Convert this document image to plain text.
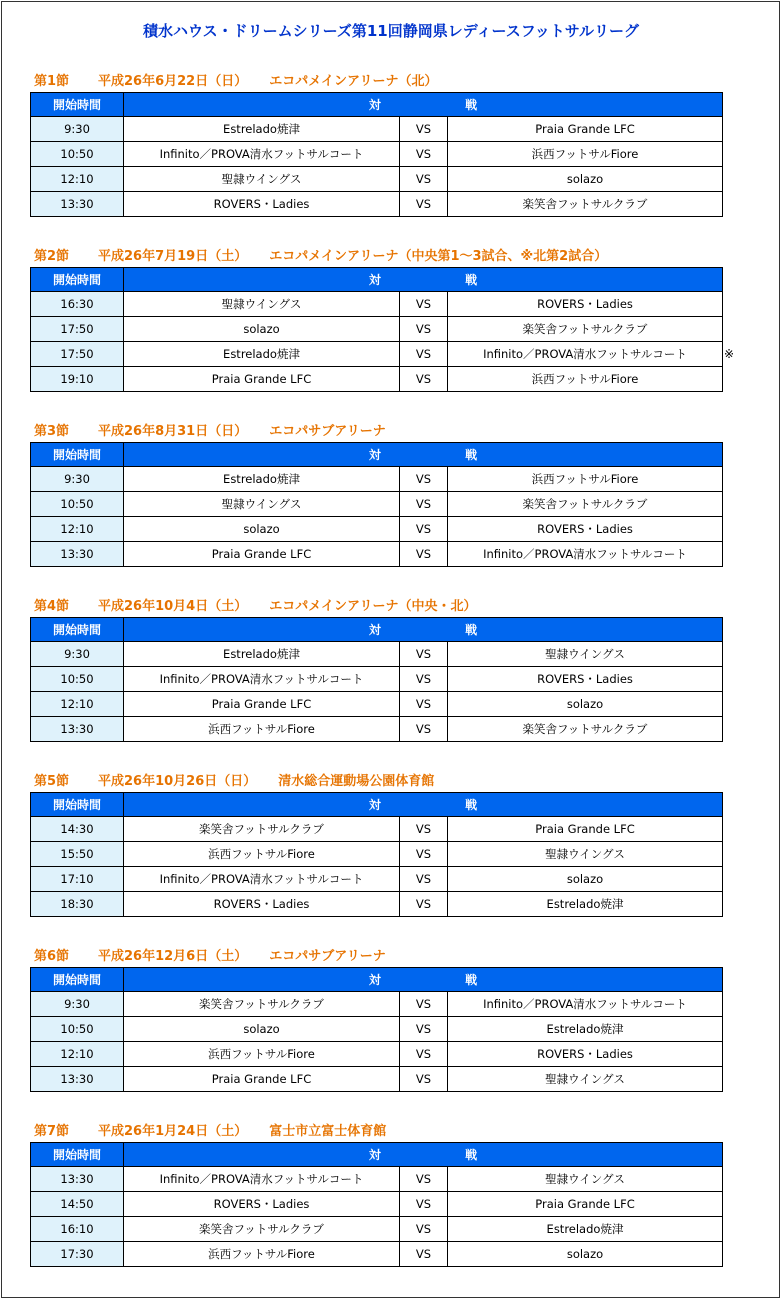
積水ハウス・ドリームシリーズ第11回静岡県レディースフットサルリーグ
第1節 平成26年6月22日（日） エコパメインアリーナ（北）
開始時間	対 戦		
9:30	Estrelado焼津	VS	Praia Grande LFC
10:50	Infinito／PROVA清水フットサルコート	VS	浜西フットサルFiore
12:10	聖隷ウイングス	VS	solazo
13:30	ROVERS・Ladies	VS	楽笑舎フットサルクラブ
第2節 平成26年7月19日（土） エコパメインアリーナ（中央第1～3試合、※北第2試合）
※
開始時間	対 戦		
16:30	聖隷ウイングス	VS	ROVERS・Ladies
17:50	solazo	VS	楽笑舎フットサルクラブ
17:50	Estrelado焼津	VS	Infinito／PROVA清水フットサルコート
19:10	Praia Grande LFC	VS	浜西フットサルFiore
第3節 平成26年8月31日（日） エコパサブアリーナ
開始時間	対 戦		
9:30	Estrelado焼津	VS	浜西フットサルFiore
10:50	聖隷ウイングス	VS	楽笑舎フットサルクラブ
12:10	solazo	VS	ROVERS・Ladies
13:30	Praia Grande LFC	VS	Infinito／PROVA清水フットサルコート
第4節 平成26年10月4日（土） エコパメインアリーナ（中央・北）
開始時間	対 戦		
9:30	Estrelado焼津	VS	聖隷ウイングス
10:50	Infinito／PROVA清水フットサルコート	VS	ROVERS・Ladies
12:10	Praia Grande LFC	VS	solazo
13:30	浜西フットサルFiore	VS	楽笑舎フットサルクラブ
第5節 平成26年10月26日（日） 清水総合運動場公園体育館
開始時間	対 戦		
14:30	楽笑舎フットサルクラブ	VS	Praia Grande LFC
15:50	浜西フットサルFiore	VS	聖隷ウイングス
17:10	Infinito／PROVA清水フットサルコート	VS	solazo
18:30	ROVERS・Ladies	VS	Estrelado焼津
第6節 平成26年12月6日（土） エコパサブアリーナ
開始時間	対 戦		
9:30	楽笑舎フットサルクラブ	VS	Infinito／PROVA清水フットサルコート
10:50	solazo	VS	Estrelado焼津
12:10	浜西フットサルFiore	VS	ROVERS・Ladies
13:30	Praia Grande LFC	VS	聖隷ウイングス
第7節 平成26年1月24日（土） 富士市立富士体育館
開始時間	対 戦		
13:30	Infinito／PROVA清水フットサルコート	VS	聖隷ウイングス
14:50	ROVERS・Ladies	VS	Praia Grande LFC
16:10	楽笑舎フットサルクラブ	VS	Estrelado焼津
17:30	浜西フットサルFiore	VS	solazo
